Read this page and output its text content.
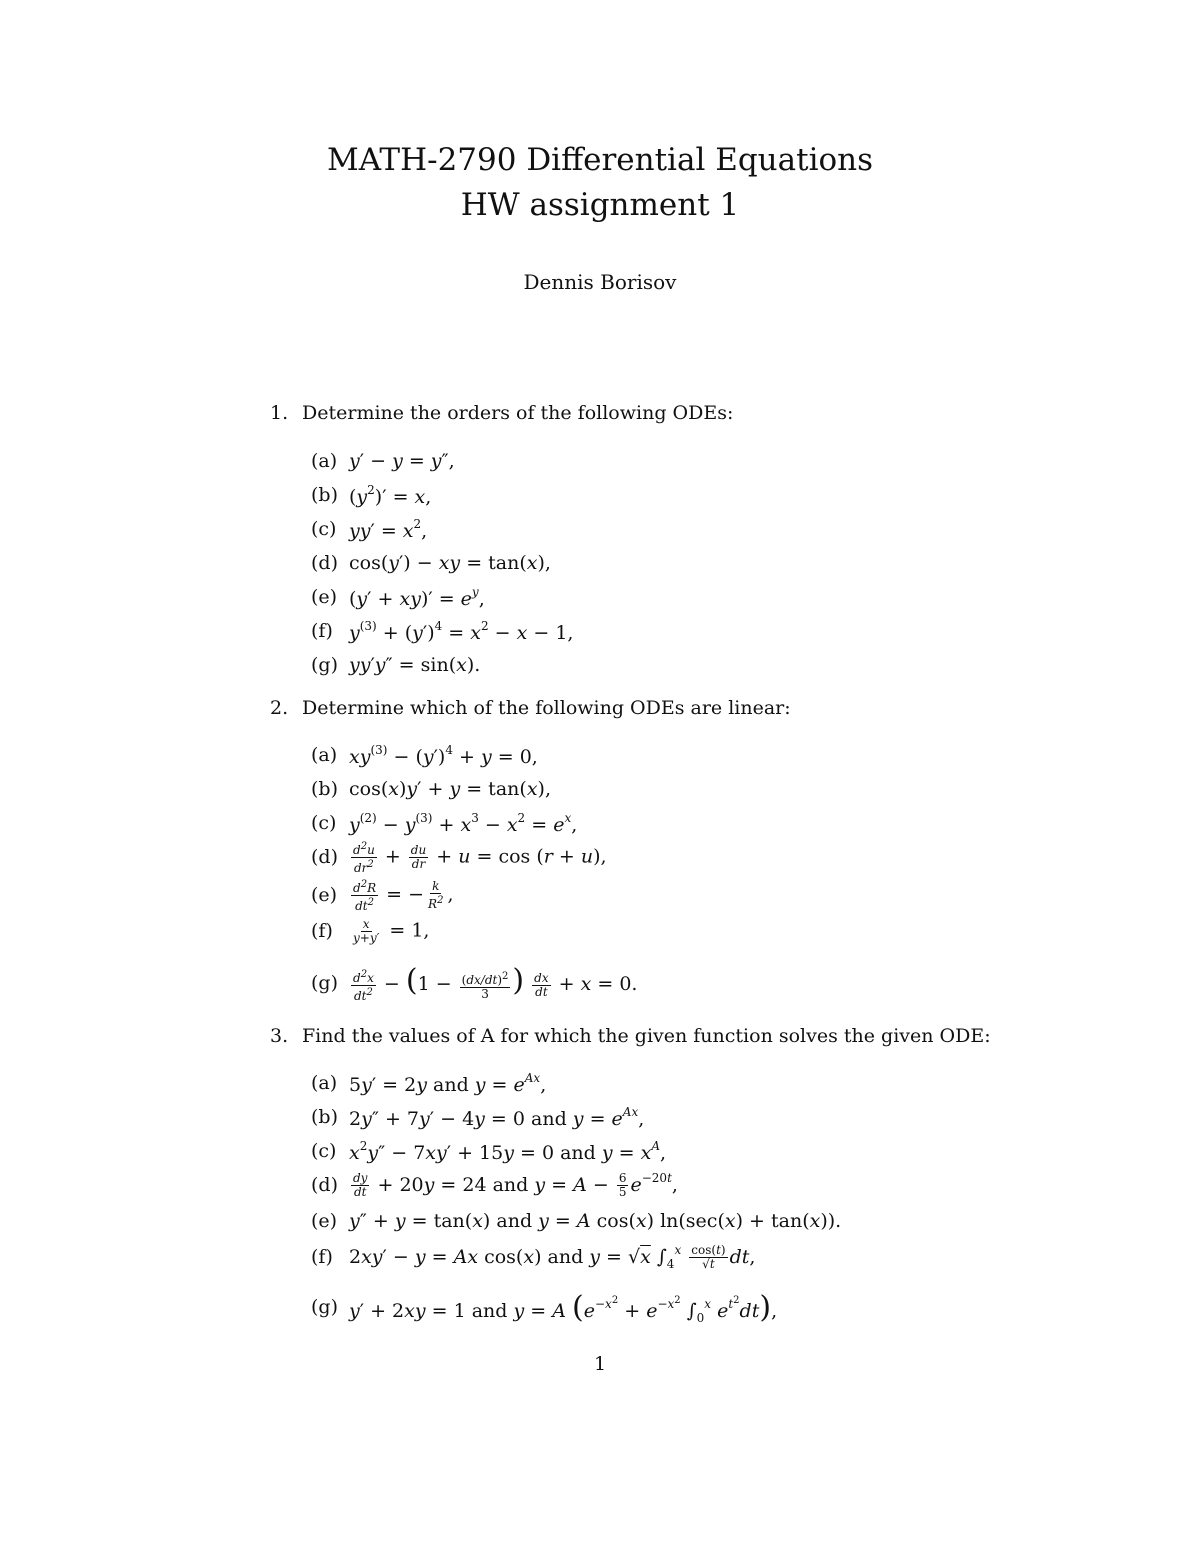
MATH-2790 Differential Equations
HW assignment 1
Dennis Borisov
1. Determine the orders of the following ODEs:
(a) y′ − y = y″,
(b) $(y^2)' = x$,
(c) $yy' = x^2$,
(d) cos(y′) − xy = tan(x),
(e) $(y' + xy)' = e^y$,
(f) $y^{(3)} + (y')^4 = x^2 - x - 1$,
(g) yy′y″ = sin(x).
2. Determine which of the following ODEs are linear:
(a) $xy^{(3)} - (y')^4 + y = 0$,
(b) cos(x)y′ + y = tan(x),
(c) $y^{(2)} - y^{(3)} + x^3 - x^2 = e^x$,
(d)	$\frac{d^2u}{dr^2} + \frac{du}{dr} + u = \cos (r + u)$,
(e)	$\frac{d^2R}{dt^2}$ = − $\frac{k}{R^2}$ ,
(f)	$\frac{x}{y+y'} = 1$,
(g)	$\frac{d^2x}{dt^2} - (1 - \frac{(dx/dt)^2}{3}$ ) $\frac{dx}{dt} + x = 0$.
3. Find the values of A for which the given function solves the given ODE:
(a) 5y′ = 2y and $y = e^{Ax}$,
(b) 2y″ + 7y′ − 4y = 0 and $y = e^{Ax}$,
(c) $x^2y'' - 7xy' + 15y = 0$ and $y = x^A$,
(d)	$\frac{dy}{dt} + 20y = 24$ and $y = A - \frac{6}{5} e^{-20t}$,
(e) y″ + y = tan(x) and y = A cos(x) ln(sec(x) + tan(x)).
(f) 2xy′ − y = Ax cos(x) and y = √x $\int_4^x \frac{\cos(t)}{√t}$ dt,
(g) y′ + 2xy = 1 and y = A ($e^{-x^2} + e^{-x^2}$ $\int_0^x$ $e^{t^2}dt$),
1
